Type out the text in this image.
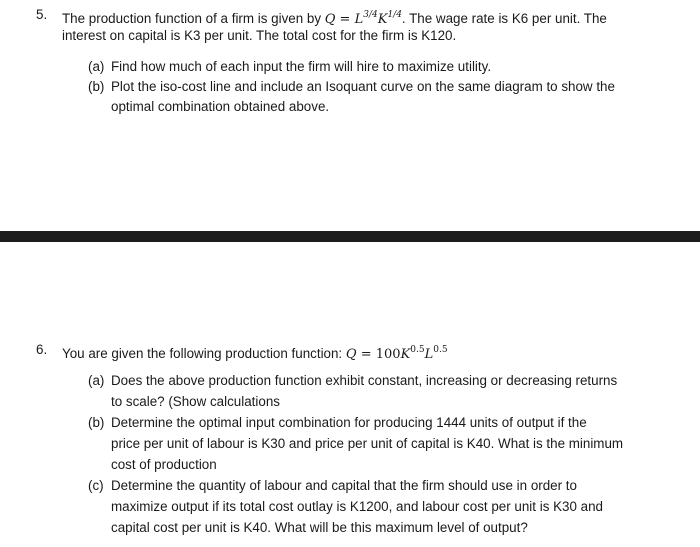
5. The production function of a firm is given by $Q = L^{3/4}K^{1/4}$. The wage rate is K6 per unit. The
interest on capital is K3 per unit. The total cost for the firm is K120.
(a) Find how much of each input the firm will hire to maximize utility.
(b) Plot the iso-cost line and include an Isoquant curve on the same diagram to show the
optimal combination obtained above.
6. You are given the following production function: $Q = 100K^{0.5}L^{0.5}$
(a) Does the above production function exhibit constant, increasing or decreasing returns
to scale? (Show calculations
(b) Determine the optimal input combination for producing 1444 units of output if the
price per unit of labour is K30 and price per unit of capital is K40. What is the minimum
cost of production
(c) Determine the quantity of labour and capital that the firm should use in order to
maximize output if its total cost outlay is K1200, and labour cost per unit is K30 and
capital cost per unit is K40. What will be this maximum level of output?
